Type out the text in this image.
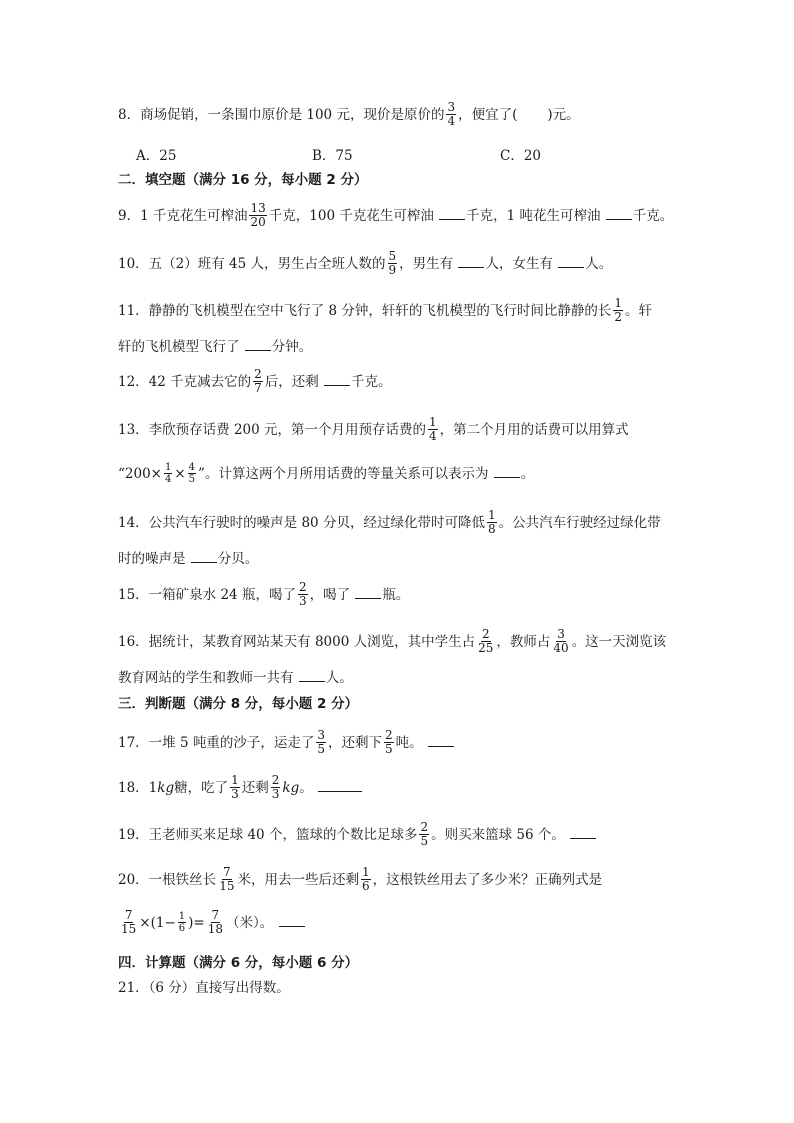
8．商场促销，一条围巾原价是 100 元，现价是原价的 $\frac{3}{4}$ ，便宜了( )元。
A．25	B．75	C．20
二．填空题（满分 16 分，每小题 2 分）
9．1 千克花生可榨油 $\frac{13}{20}$ 千克，100 千克花生可榨油 千克，1 吨花生可榨油 千克。
10．五（2）班有 45 人，男生占全班人数的 $\frac{5}{9}$ ，男生有 人，女生有 人。
11．静静的飞机模型在空中飞行了 8 分钟，轩轩的飞机模型的飞行时间比静静的长 $\frac{1}{2}$ 。轩
轩的飞机模型飞行了 分钟。
12．42 千克减去它的 $\frac{2}{7}$ 后，还剩 千克。
13．李欣预存话费 200 元，第一个月用预存话费的 $\frac{1}{4}$ ，第二个月用的话费可以用算式
“$200\times \frac{1}{4} \times \frac{4}{5}$ ”。计算这两个月所用话费的等量关系可以表示为 。
14．公共汽车行驶时的噪声是 80 分贝，经过绿化带时可降低 $\frac{1}{8}$ 。公共汽车行驶经过绿化带
时的噪声是 分贝。
15．一箱矿泉水 24 瓶，喝了 $\frac{2}{3}$ ，喝了 瓶。
16．据统计，某教育网站某天有 8000 人浏览，其中学生占 $\frac{2}{25}$ ，教师占 $\frac{3}{40}$ 。这一天浏览该
教育网站的学生和教师一共有 人。
三．判断题（满分 8 分，每小题 2 分）
17．一堆 5 吨重的沙子，运走了 $\frac{3}{5}$ ，还剩下 $\frac{2}{5}$ 吨。
18．1kg糖，吃了 $\frac{1}{3}$ 还剩 $\frac{2}{3}$ kg。
19．王老师买来足球 40 个，篮球的个数比足球多 $\frac{2}{5}$ 。则买来篮球 56 个。
20．一根铁丝长 $\frac{7}{15}$ 米，用去一些后还剩 $\frac{1}{6}$ ，这根铁丝用去了多少米？正确列式是
$\frac{7}{15} \times(1- \frac{1}{6}$ )= $\frac{7}{18}$ （米）。
四．计算题（满分 6 分，每小题 6 分）
21．（6 分）直接写出得数。
